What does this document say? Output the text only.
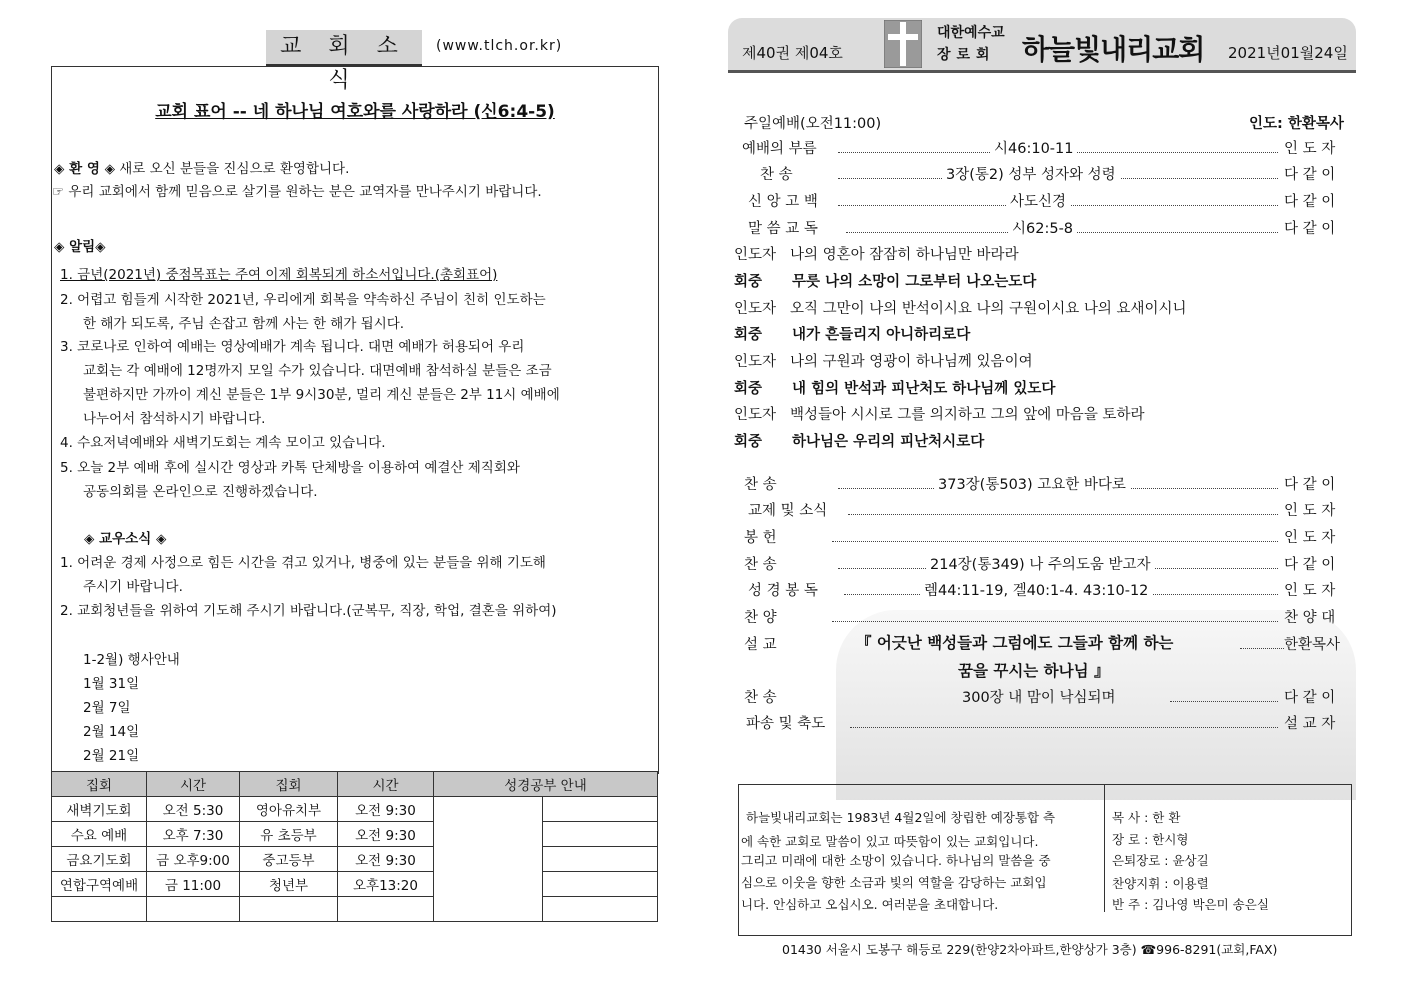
교 회 소 식
(www.tlch.or.kr)
교회 표어 -- 네 하나님 여호와를 사랑하라 (신6:4-5)
◈ 환 영 ◈ 새로 오신 분들을 진심으로 환영합니다.
☞ 우리 교회에서 함께 믿음으로 살기를 원하는 분은 교역자를 만나주시기 바랍니다.
◈ 알림◈
1. 금년(2021년) 중점목표는 주여 이제 회복되게 하소서입니다.(총회표어)
2. 어렵고 힘들게 시작한 2021년, 우리에게 회복을 약속하신 주님이 친히 인도하는
한 해가 되도록, 주님 손잡고 함께 사는 한 해가 됩시다.
3. 코로나로 인하여 예배는 영상예배가 계속 됩니다. 대면 예배가 허용되어 우리
교회는 각 예배에 12명까지 모일 수가 있습니다. 대면예배 참석하실 분들은 조금
불편하지만 가까이 계신 분들은 1부 9시30분, 멀리 계신 분들은 2부 11시 예배에
나누어서 참석하시기 바랍니다.
4. 수요저녁예배와 새벽기도회는 계속 모이고 있습니다.
5. 오늘 2부 예배 후에 실시간 영상과 카톡 단체방을 이용하여 예결산 제직회와
공동의회를 온라인으로 진행하겠습니다.
◈ 교우소식 ◈
1. 어려운 경제 사정으로 힘든 시간을 겪고 있거나, 병중에 있는 분들을 위해 기도해
주시기 바랍니다.
2. 교회청년들을 위하여 기도해 주시기 바랍니다.(군복무, 직장, 학업, 결혼을 위하여)
1-2월) 행사안내
1월 31일
2월 7일
2월 14일
2월 21일
집회	시간	집회	시간	성경공부 안내	
새벽기도회	오전 5:30	영아유치부	오전 9:30		
수요 예배	오후 7:30	유 초등부	오전 9:30		
금요기도회	금 오후9:00	중고등부	오전 9:30		
연합구역예배	금 11:00	청년부	오후13:20		

제40권 제04호
대한예수교
장로회 하늘빛내리교회 2021년01월24일
주일예배(오전11:00)	인도: 한환목사
예배의 부름	시46:10-11	인 도 자
찬 송	3장(통2) 성부 성자와 성령	다 같 이
신 앙 고 백	사도신경	다 같 이
말 씀 교 독	시62:5-8	다 같 이
인도자 나의 영혼아 잠잠히 하나님만 바라라
회중 무릇 나의 소망이 그로부터 나오는도다
인도자 오직 그만이 나의 반석이시요 나의 구원이시요 나의 요새이시니
회중 내가 흔들리지 아니하리로다
인도자 나의 구원과 영광이 하나님께 있음이여
회중 내 힘의 반석과 피난처도 하나님께 있도다
인도자 백성들아 시시로 그를 의지하고 그의 앞에 마음을 토하라
회중 하나님은 우리의 피난처시로다
찬 송	373장(통503) 고요한 바다로	다 같 이
교제 및 소식	인 도 자
봉 헌	인 도 자
찬 송	214장(통349) 나 주의도움 받고자	다 같 이
성 경 봉 독	렘44:11-19, 겔40:1-4. 43:10-12	인 도 자
찬 양	찬 양 대
설 교	『 어긋난 백성들과 그럼에도 그들과 함께 하는	한환목사
꿈을 꾸시는 하나님 』
찬 송	300장 내 맘이 낙심되며	다 같 이
파송 및 축도	설 교 자
하늘빛내리교회는 1983년 4월2일에 창립한 예장통합 측
에 속한 교회로 말씀이 있고 따뜻함이 있는 교회입니다.
그리고 미래에 대한 소망이 있습니다. 하나님의 말씀을 중
심으로 이웃을 향한 소금과 빛의 역할을 감당하는 교회입
니다. 안심하고 오십시오. 여러분을 초대합니다.
목 사 : 한 환
장 로 : 한시형
은퇴장로 : 윤상길
찬양지휘 : 이용렬
반 주 : 김나영 박은미 송은실
01430 서울시 도봉구 해등로 229(한양2차아파트,한양상가 3층) ☎996-8291(교회,FAX)
